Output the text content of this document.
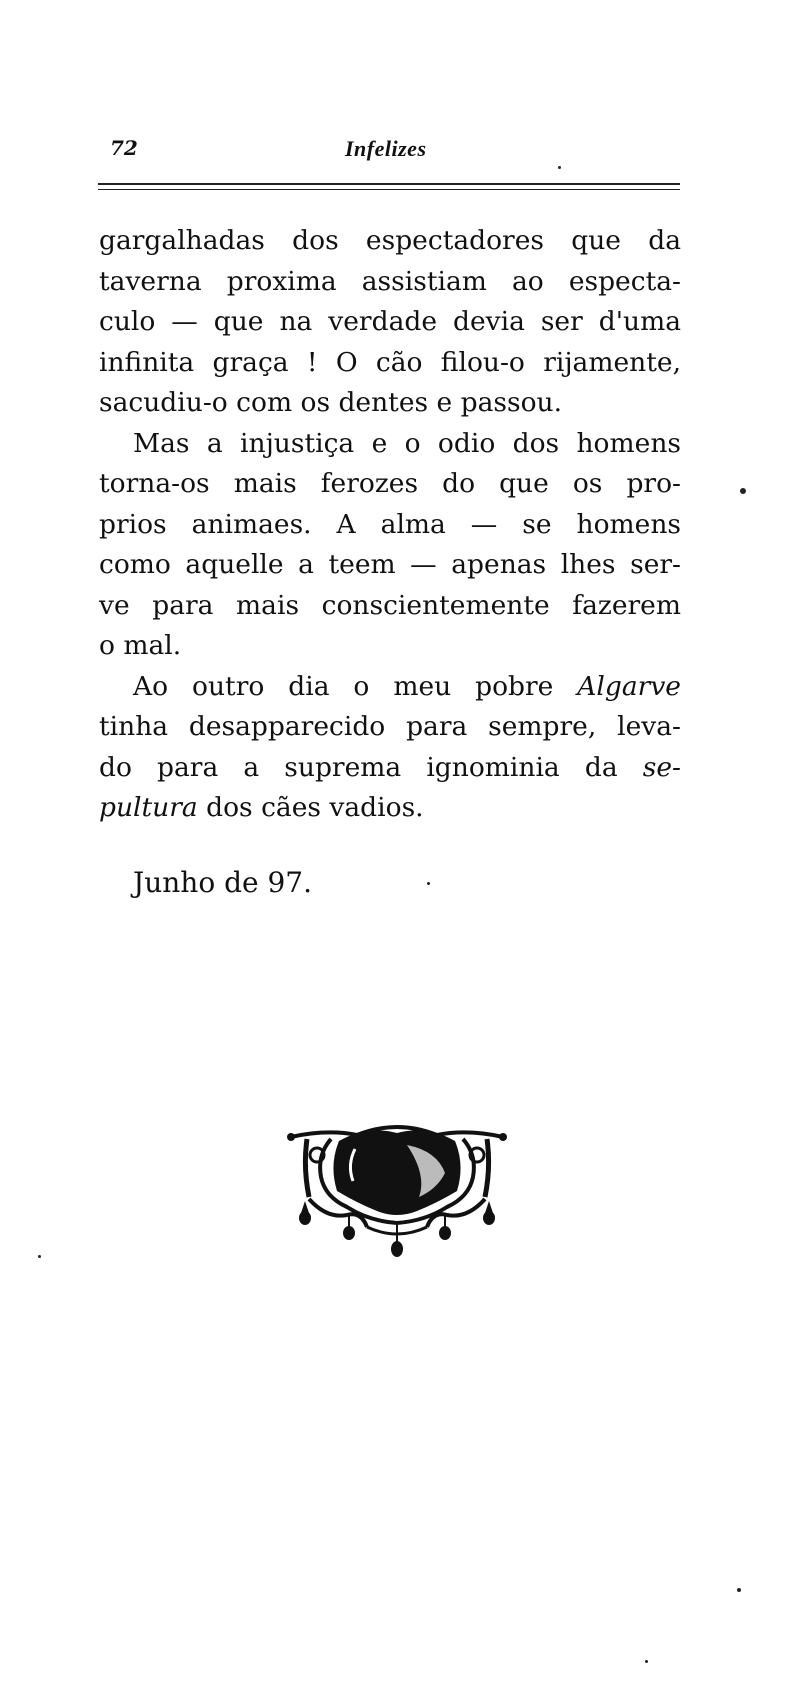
72	Infelizes
gargalhadas dos espectadores que da
taverna proxima assistiam ao especta-
culo — que na verdade devia ser d'uma
infinita graça ! O cão filou-o rijamente,
sacudiu-o com os dentes e passou.
Mas a injustiça e o odio dos homens
torna-os mais ferozes do que os pro-
prios animaes. A alma — se homens
como aquelle a teem — apenas lhes ser-
ve para mais conscientemente fazerem
o mal.
Ao outro dia o meu pobre Algarve
tinha desapparecido para sempre, leva-
do para a suprema ignominia da se-
pultura dos cães vadios.
Junho de 97.
